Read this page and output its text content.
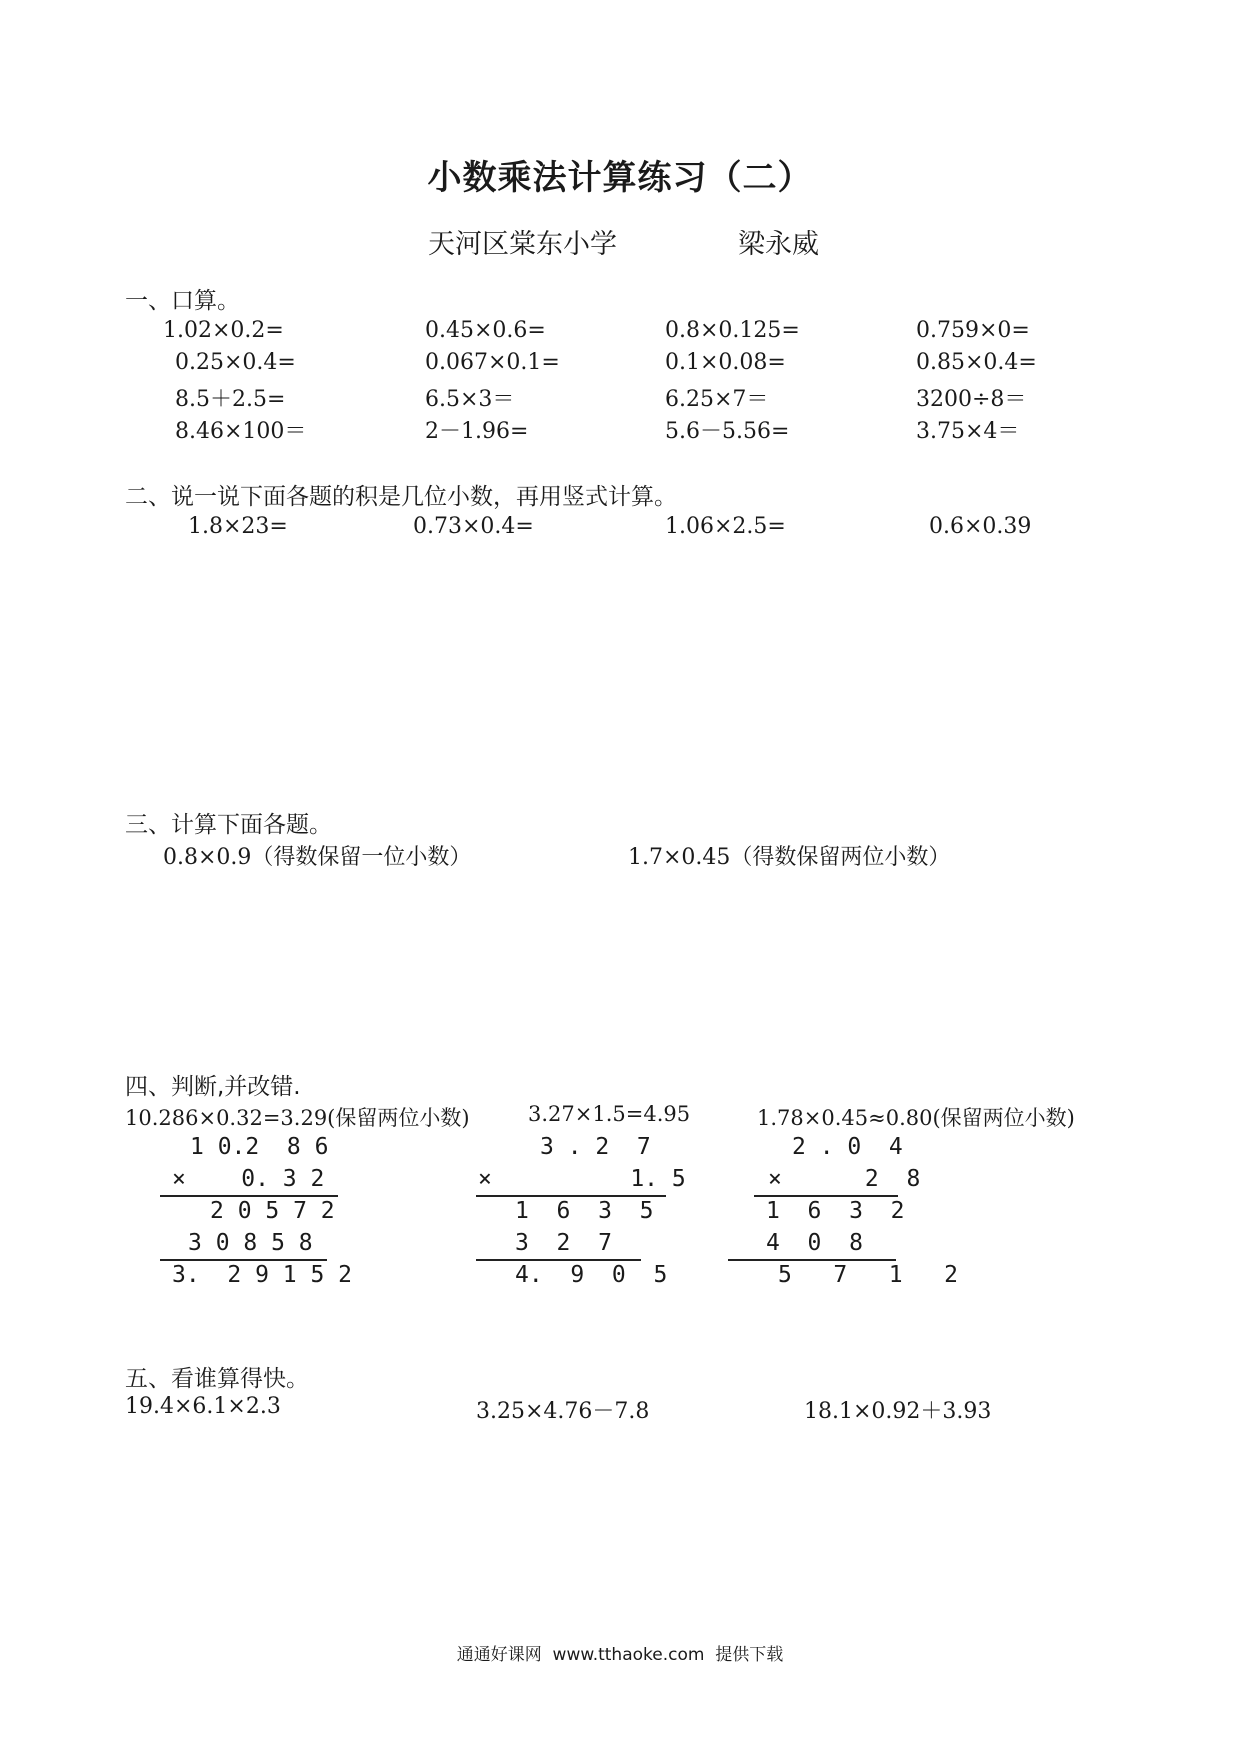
小数乘法计算练习（二）
天河区棠东小学	梁永威
一、口算。
1.02×0.2=	0.45×0.6=	0.8×0.125=	0.759×0=
0.25×0.4=	0.067×0.1=	0.1×0.08=	0.85×0.4=
8.5＋2.5=	6.5×3＝	6.25×7＝	3200÷8＝
8.46×100＝	2－1.96=	5.6－5.56=	3.75×4＝
二、说一说下面各题的积是几位小数，再用竖式计算。
1.8×23=	0.73×0.4=	1.06×2.5=	0.6×0.39
三、计算下面各题。
0.8×0.9（得数保留一位小数）	1.7×0.45（得数保留两位小数）
四、判断,并改错.
10.286×0.32=3.29(保留两位小数)	3.27×1.5=4.95	1.78×0.45≈0.80(保留两位小数)
1 0.2  8 6
×    0. 3 2
2 0 5 7 2
3 0 8 5 8
3.  2 9 1 5 2
3 . 2  7
×          1. 5
1  6  3  5
3  2  7
4.  9  0  5
2 . 0  4
×      2  8
1  6  3  2
4  0  8
5   7   1   2
五、看谁算得快。
19.4×6.1×2.3	3.25×4.76－7.8	18.1×0.92＋3.93
通通好课网  www.tthaoke.com  提供下载
